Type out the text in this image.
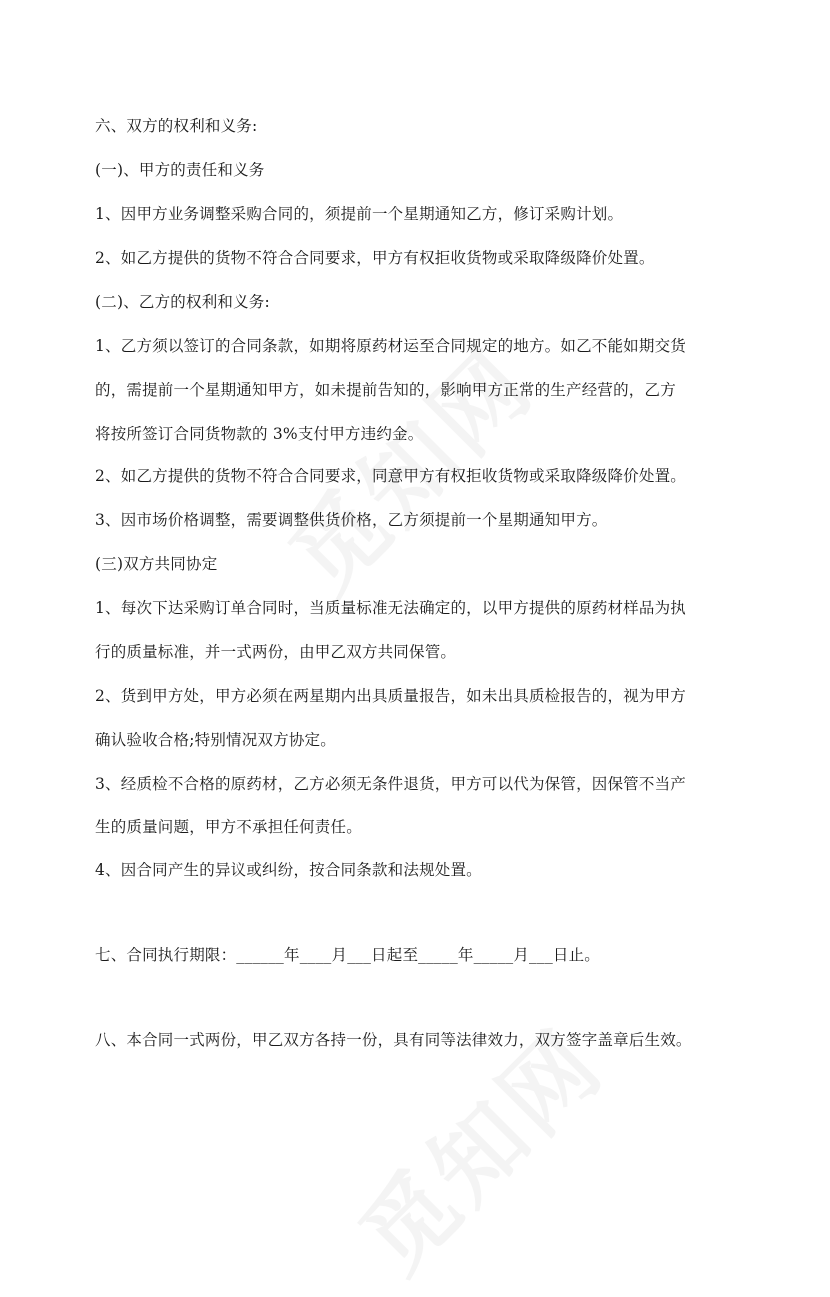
六、双方的权利和义务:
(一)、甲方的责任和义务
1、因甲方业务调整采购合同的，须提前一个星期通知乙方，修订采购计划。
2、如乙方提供的货物不符合合同要求，甲方有权拒收货物或采取降级降价处置。
(二)、乙方的权利和义务:
1、乙方须以签订的合同条款，如期将原药材运至合同规定的地方。如乙不能如期交货
的，需提前一个星期通知甲方，如未提前告知的，影响甲方正常的生产经营的，乙方
将按所签订合同货物款的 3%支付甲方违约金。
2、如乙方提供的货物不符合合同要求，同意甲方有权拒收货物或采取降级降价处置。
3、因市场价格调整，需要调整供货价格，乙方须提前一个星期通知甲方。
(三)双方共同协定
1、每次下达采购订单合同时，当质量标准无法确定的，以甲方提供的原药材样品为执
行的质量标准，并一式两份，由甲乙双方共同保管。
2、货到甲方处，甲方必须在两星期内出具质量报告，如未出具质检报告的，视为甲方
确认验收合格;特别情况双方协定。
3、经质检不合格的原药材，乙方必须无条件退货，甲方可以代为保管，因保管不当产
生的质量问题，甲方不承担任何责任。
4、因合同产生的异议或纠纷，按合同条款和法规处置。
七、合同执行期限：______年____月___日起至_____年_____月___日止。
八、本合同一式两份，甲乙双方各持一份，具有同等法律效力，双方签字盖章后生效。
